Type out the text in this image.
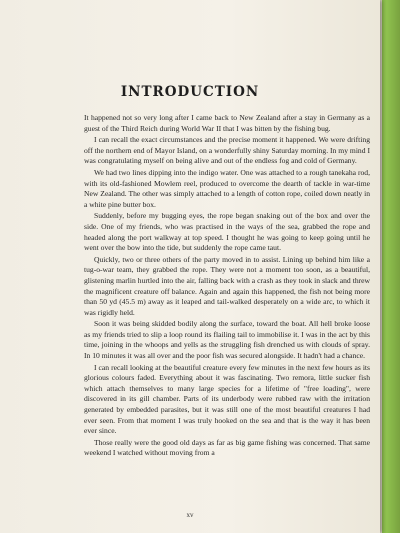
INTRODUCTION

It happened not so very long after I came back to New Zealand after a stay in Germany as a guest of the Third Reich during World War II that I was bitten by the fishing bug.

I can recall the exact circumstances and the precise moment it happened. We were drifting off the northern end of Mayor Island, on a wonderfully shiny Saturday morning. In my mind I was congratulating myself on being alive and out of the endless fog and cold of Germany.

We had two lines dipping into the indigo water. One was attached to a rough tanekaha rod, with its old-fashioned Mowlem reel, produced to overcome the dearth of tackle in war-time New Zealand. The other was simply attached to a length of cotton rope, coiled down neatly in a white pine butter box.

Suddenly, before my bugging eyes, the rope began snaking out of the box and over the side. One of my friends, who was practised in the ways of the sea, grabbed the rope and headed along the port walkway at top speed. I thought he was going to keep going until he went over the bow into the tide, but suddenly the rope came taut.

Quickly, two or three others of the party moved in to assist. Lining up behind him like a tug-o-war team, they grabbed the rope. They were not a moment too soon, as a beautiful, glistening marlin hurtled into the air, falling back with a crash as they took in slack and threw the magnificent creature off balance. Again and again this happened, the fish not being more than 50 yd (45.5 m) away as it leaped and tail-walked desperately on a wide arc, to which it was rigidly held.

Soon it was being skidded bodily along the surface, toward the boat. All hell broke loose as my friends tried to slip a loop round its flailing tail to immobilise it. I was in the act by this time, joining in the whoops and yells as the struggling fish drenched us with clouds of spray. In 10 minutes it was all over and the poor fish was secured alongside. It hadn't had a chance.

I can recall looking at the beautiful creature every few minutes in the next few hours as its glorious colours faded. Everything about it was fascinating. Two remora, little sucker fish which attach themselves to many large species for a lifetime of "free loading", were discovered in its gill chamber. Parts of its underbody were rubbed raw with the irritation generated by embedded parasites, but it was still one of the most beautiful creatures I had ever seen. From that moment I was truly hooked on the sea and that is the way it has been ever since.

Those really were the good old days as far as big game fishing was concerned. That same weekend I watched without moving from a

xv
